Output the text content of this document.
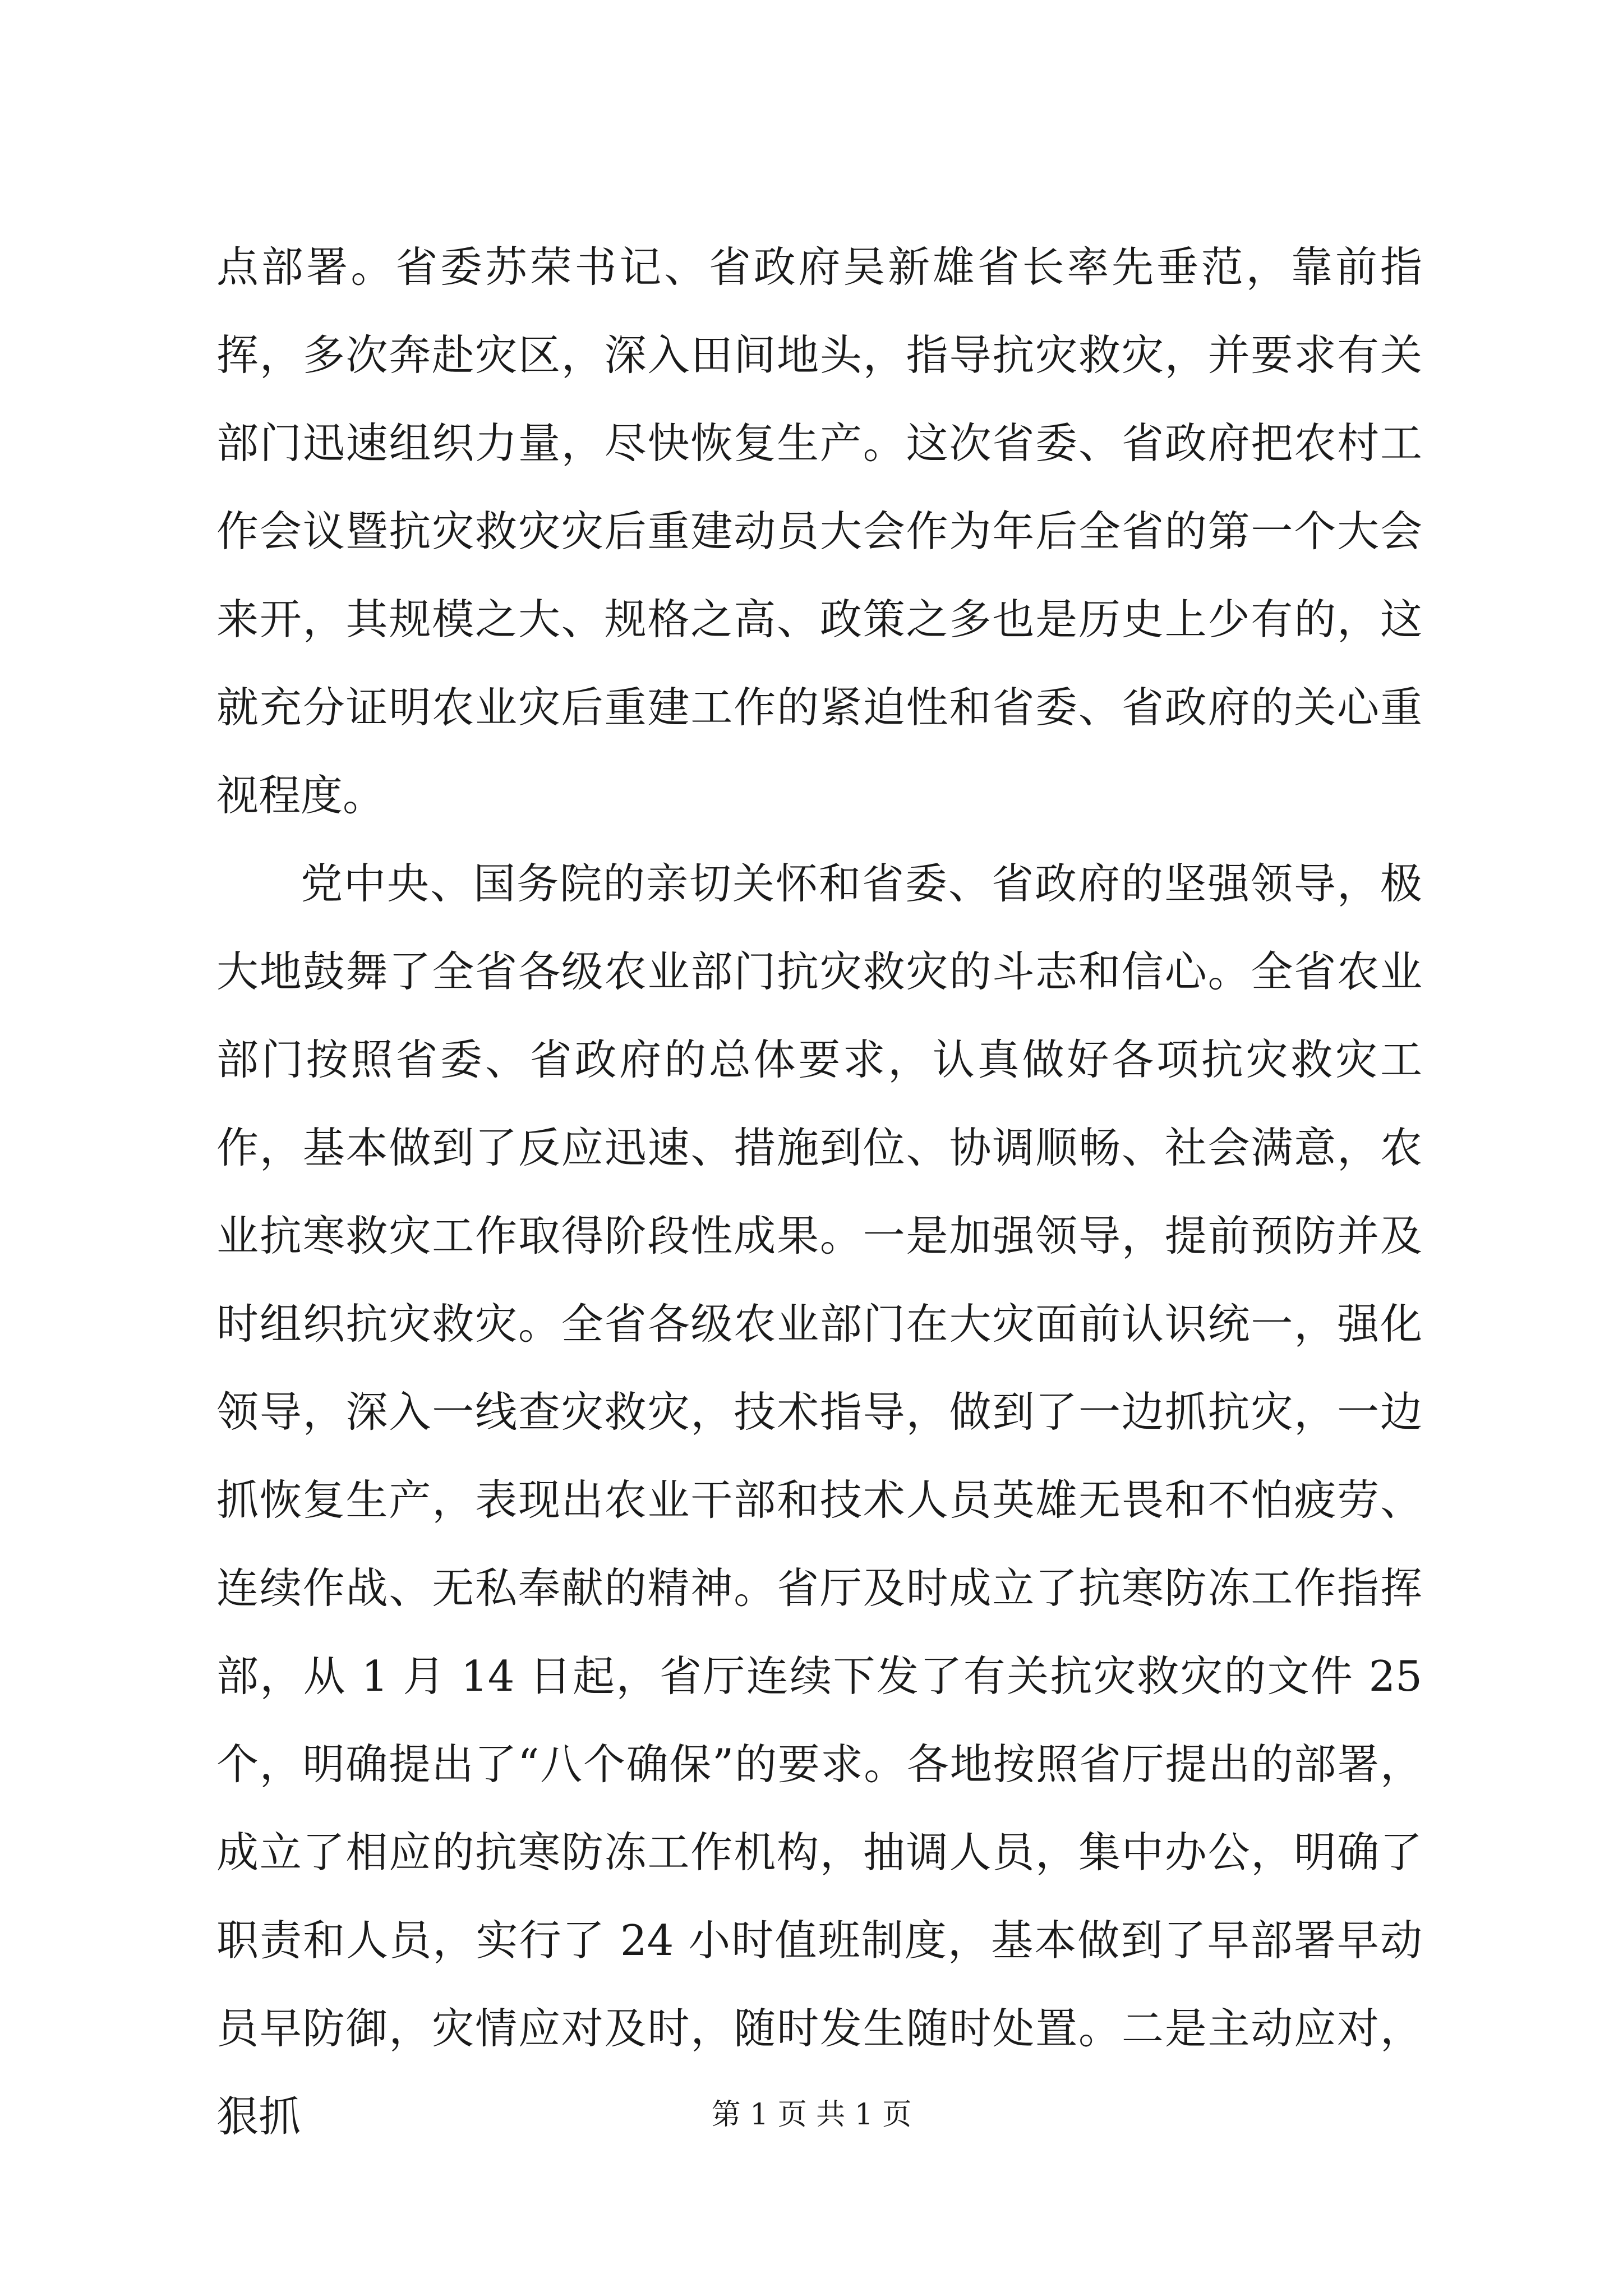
点部署。省委苏荣书记、省政府吴新雄省长率先垂范，靠前指挥，多次奔赴灾区，深入田间地头，指导抗灾救灾，并要求有关部门迅速组织力量，尽快恢复生产。这次省委、省政府把农村工作会议暨抗灾救灾灾后重建动员大会作为年后全省的第一个大会来开，其规模之大、规格之高、政策之多也是历史上少有的，这就充分证明农业灾后重建工作的紧迫性和省委、省政府的关心重视程度。

党中央、国务院的亲切关怀和省委、省政府的坚强领导，极大地鼓舞了全省各级农业部门抗灾救灾的斗志和信心。全省农业部门按照省委、省政府的总体要求，认真做好各项抗灾救灾工作，基本做到了反应迅速、措施到位、协调顺畅、社会满意，农业抗寒救灾工作取得阶段性成果。一是加强领导，提前预防并及时组织抗灾救灾。全省各级农业部门在大灾面前认识统一，强化领导，深入一线查灾救灾，技术指导，做到了一边抓抗灾，一边抓恢复生产，表现出农业干部和技术人员英雄无畏和不怕疲劳、连续作战、无私奉献的精神。省厅及时成立了抗寒防冻工作指挥部，从 1 月 14 日起，省厅连续下发了有关抗灾救灾的文件 25 个，明确提出了“八个确保”的要求。各地按照省厅提出的部署，成立了相应的抗寒防冻工作机构，抽调人员，集中办公，明确了职责和人员，实行了 24 小时值班制度，基本做到了早部署早动员早防御，灾情应对及时，随时发生随时处置。二是主动应对，狠抓	第 1 页 共 1 页
